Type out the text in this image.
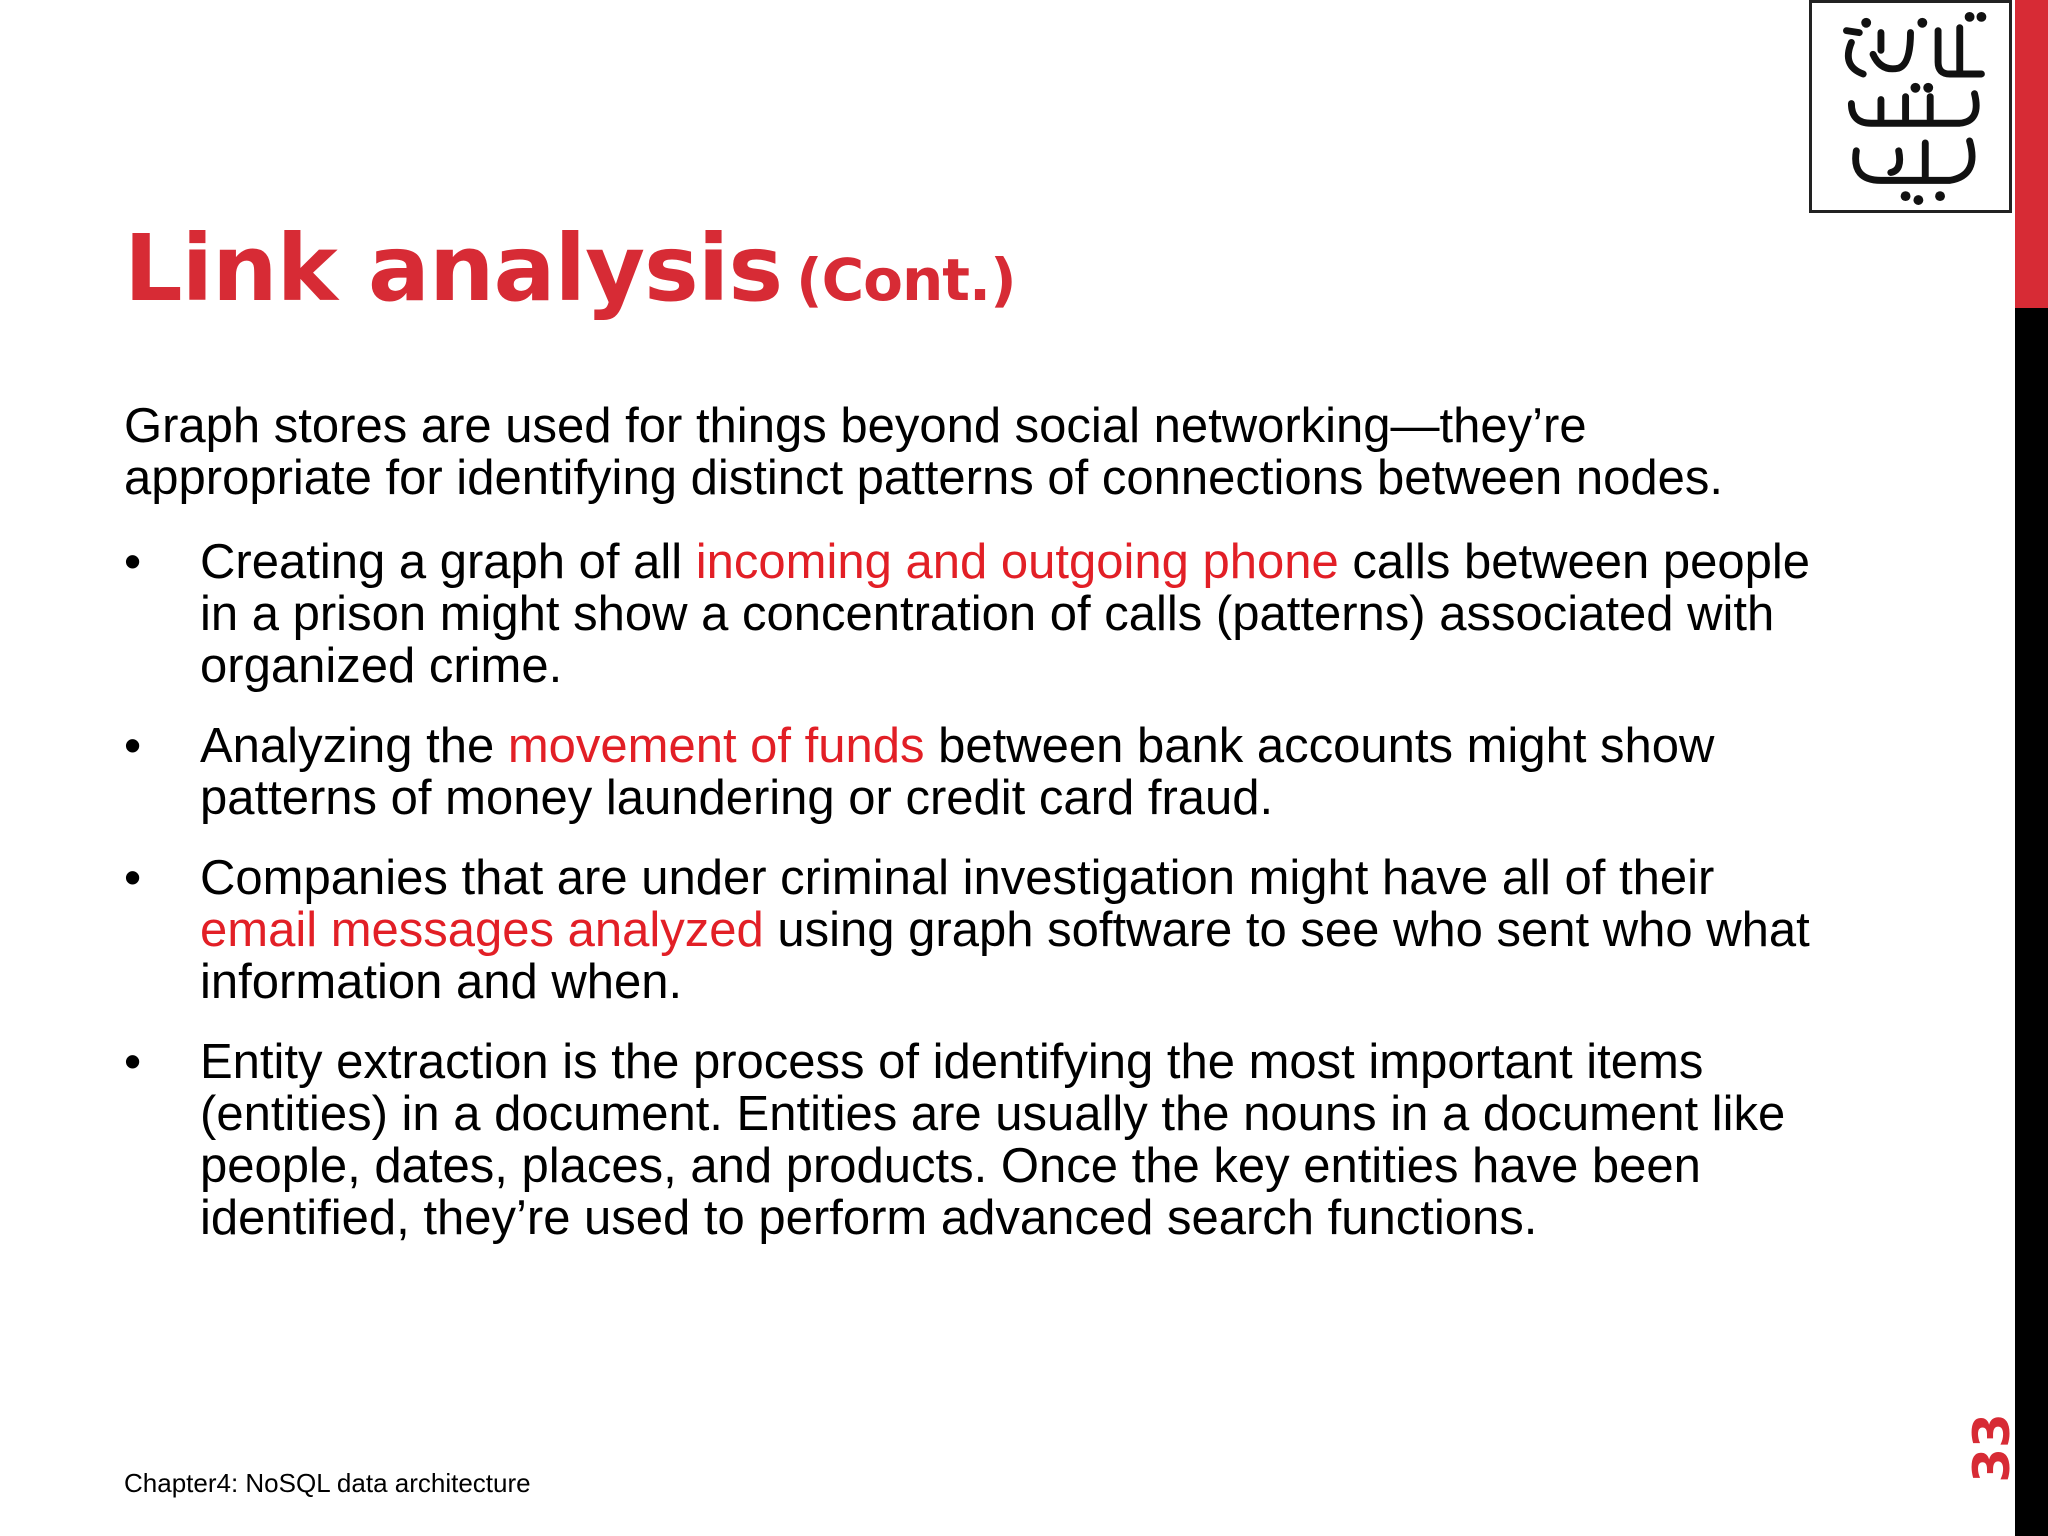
Link analysis (Cont.)

Graph stores are used for things beyond social networking—they’re appropriate for identifying distinct patterns of connections between nodes.

• Creating a graph of all incoming and outgoing phone calls between people in a prison might show a concentration of calls (patterns) associated with organized crime.
• Analyzing the movement of funds between bank accounts might show patterns of money laundering or credit card fraud.
• Companies that are under criminal investigation might have all of their email messages analyzed using graph software to see who sent who what information and when.
• Entity extraction is the process of identifying the most important items (entities) in a document. Entities are usually the nouns in a document like people, dates, places, and products. Once the key entities have been identified, they’re used to perform advanced search functions.
Chapter4: NoSQL data architecture
33
